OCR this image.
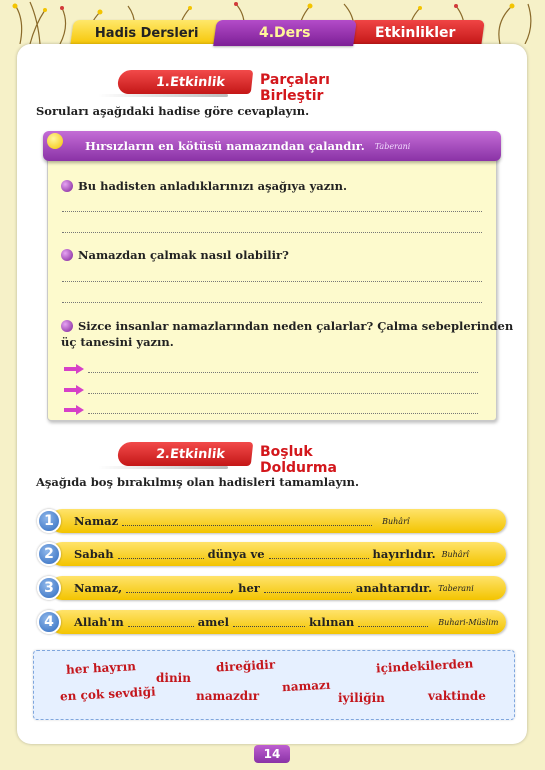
Hadis Dersleri	Etkinlikler
4.Ders
1.Etkinlik Parçaları Birleştir
Soruları aşağıdaki hadise göre cevaplayın.
Hırsızların en kötüsü namazından çalandır. Taberani
Bu hadisten anladıklarınızı aşağıya yazın.
Namazdan çalmak nasıl olabilir?
Sizce insanlar namazlarından neden çalarlar? Çalma sebeplerinden
üç tanesini yazın.
2.Etkinlik Boşluk Doldurma
Aşağıda boş bırakılmış olan hadisleri tamamlayın.
1	Namaz	Buhârî
2	Sabah	dünya ve	hayırlıdır. Buhârî
3	Namaz,	, her	anahtarıdır. Taberani
4	Allah'ın	amel	kılınan	Buhari-Müslim
her hayrın
dinin
direğidir	içindekilerden
en çok sevdiği	namazdır
namazı
iyiliğin	vaktinde
14
